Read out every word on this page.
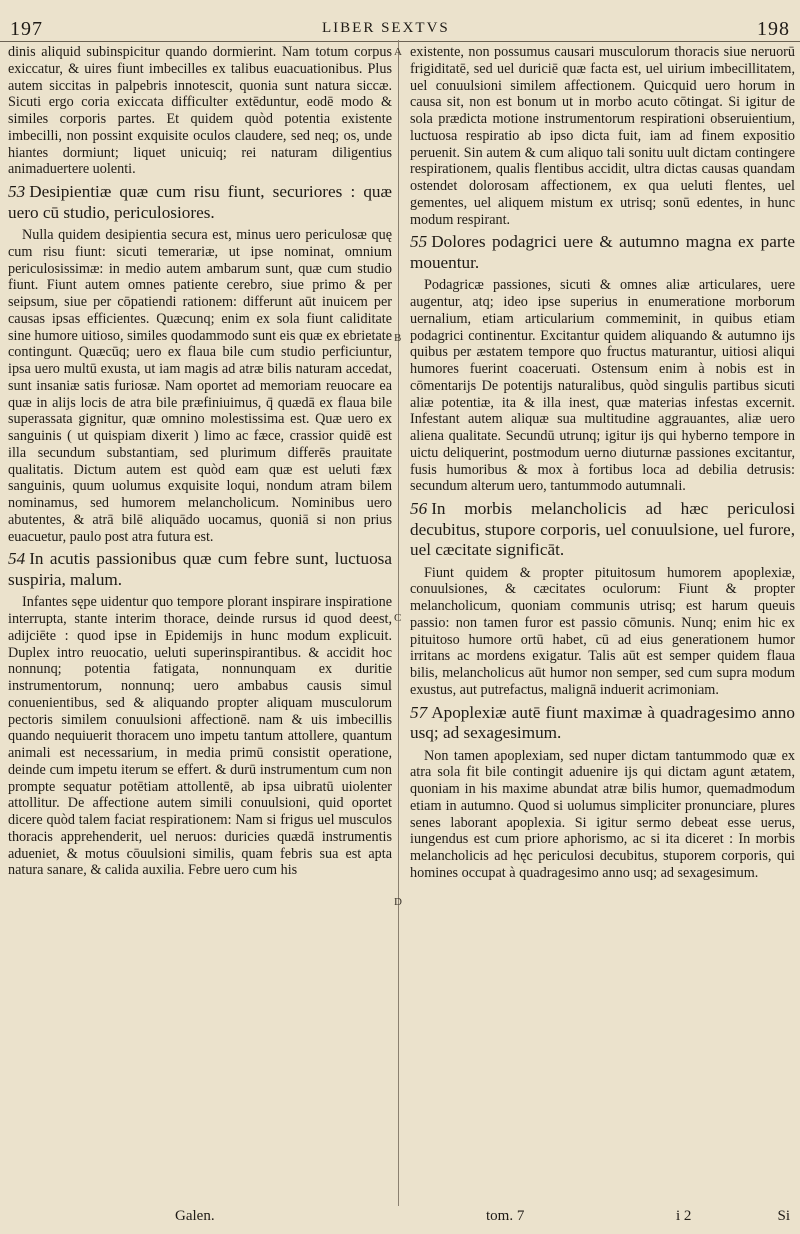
197	LIBER SEXTVS	198
A
B
C
D

dinis aliquid subinspicitur quando dormierint. Nam totum corpus exiccatur, & uires fiunt imbecilles ex talibus euacuationibus. Plus autem siccitas in palpebris innotescit, quonia sunt natura siccæ. Sicuti ergo coria exiccata difficulter extēduntur, eodē modo & similes corporis partes. Et quidem quòd potentia existente imbecilli, non possint exquisite oculos claudere, sed neq; os, unde hiantes dormiunt; liquet unicuiq; rei naturam diligentius animaduertere uolenti.

53 Desipientiæ quæ cum risu fiunt, securiores : quæ uero cū studio, periculosiores.

Nulla quidem desipientia secura est, minus uero periculosæ quę cum risu fiunt: sicuti temerariæ, ut ipse nominat, omnium periculosissimæ: in medio autem ambarum sunt, quæ cum studio fiunt. Fiunt autem omnes patiente cerebro, siue primo & per seipsum, siue per cōpatiendi rationem: differunt aūt inuicem per causas ipsas efficientes. Quæcunq; enim ex sola fiunt caliditate sine humore uitioso, similes quodammodo sunt eis quæ ex ebrietate contingunt. Quæcūq; uero ex flaua bile cum studio perficiuntur, ipsa uero multū exusta, ut iam magis ad atræ bilis naturam accedat, sunt insaniæ satis furiosæ. Nam oportet ad memoriam reuocare ea quæ in alijs locis de atra bile præfiniuimus, q̄ quædā ex flaua bile superassata gignitur, quæ omnino molestissima est. Quæ uero ex sanguinis ( ut quispiam dixerit ) limo ac fæce, crassior quidē est illa secundum substantiam, sed plurimum differēs prauitate qualitatis. Dictum autem est quòd eam quæ est ueluti fæx sanguinis, quum uolumus exquisite loqui, nondum atram bilem nominamus, sed humorem melancholicum. Nominibus uero abutentes, & atrā bilē aliquādo uocamus, quoniā si non prius euacuetur, paulo post atra futura est.

54 In acutis passionibus quæ cum febre sunt, luctuosa suspiria, malum.

Infantes sępe uidentur quo tempore plorant inspirare inspiratione interrupta, stante interim thorace, deinde rursus id quod deest, adijciēte : quod ipse in Epidemijs in hunc modum explicuit. Duplex intro reuocatio, ueluti superinspirantibus. & accidit hoc nonnunq; potentia fatigata, nonnunquam ex duritie instrumentorum, nonnunq; uero ambabus causis simul conuenientibus, sed & aliquando propter aliquam musculorum pectoris similem conuulsioni affectionē. nam & uis imbecillis quando nequiuerit thoracem uno impetu tantum attollere, quantum animali est necessarium, in media primū consistit operatione, deinde cum impetu iterum se effert. & durū instrumentum cum non prompte sequatur potētiam attollentē, ab ipsa uibratū uiolenter attollitur. De affectione autem simili conuulsioni, quid oportet dicere quòd talem faciat respirationem: Nam si frigus uel musculos thoracis apprehenderit, uel neruos: duricies quædā instrumentis adueniet, & motus cōuulsioni similis, quam febris sua est apta natura sanare, & calida auxilia. Febre uero cum his

existente, non possumus causari musculorum thoracis siue neruorū frigiditatē, sed uel duriciē quæ facta est, uel uirium imbecillitatem, uel conuulsioni similem affectionem. Quicquid uero horum in causa sit, non est bonum ut in morbo acuto cōtingat. Si igitur de sola prædicta motione instrumentorum respirationi obseruientium, luctuosa respiratio ab ipso dicta fuit, iam ad finem expositio peruenit. Sin autem & cum aliquo tali sonitu uult dictam contingere respirationem, qualis flentibus accidit, ultra dictas causas quandam ostendet dolorosam affectionem, ex qua ueluti flentes, uel gementes, uel aliquem mistum ex utrisq; sonū edentes, in hunc modum respirant.

55 Dolores podagrici uere & autumno magna ex parte mouentur.

Podagricæ passiones, sicuti & omnes aliæ articulares, uere augentur, atq; ideo ipse superius in enumeratione morborum uernalium, etiam articularium commeminit, in quibus etiam podagrici continentur. Excitantur quidem aliquando & autumno ijs quibus per æstatem tempore quo fructus maturantur, uitiosi aliqui humores fuerint coaceruati. Ostensum enim à nobis est in cōmentarijs De potentijs naturalibus, quòd singulis partibus sicuti aliæ potentiæ, ita & illa inest, quæ materias infestas excernit. Infestant autem aliquæ sua multitudine aggrauantes, aliæ uero aliena qualitate. Secundū utrunq; igitur ijs qui hyberno tempore in uictu deliquerint, postmodum uerno diuturnæ passiones excitantur, fusis humoribus & mox à fortibus loca ad debilia detrusis: secundum alterum uero, tantummodo autumnali.

56 In morbis melancholicis ad hæc periculosi decubitus, stupore corporis, uel conuulsione, uel furore, uel cæcitate significāt.

Fiunt quidem & propter pituitosum humorem apoplexiæ, conuulsiones, & cæcitates oculorum: Fiunt & propter melancholicum, quoniam communis utrisq; est harum queuis passio: non tamen furor est passio cōmunis. Nunq; enim hic ex pituitoso humore ortū habet, cū ad eius generationem humor irritans ac mordens exigatur. Talis aūt est semper quidem flaua bilis, melancholicus aūt humor non semper, sed cum supra modum exustus, aut putrefactus, malignā induerit acrimoniam.

57 Apoplexiæ autē fiunt maximæ à quadragesimo anno usq; ad sexagesimum.

Non tamen apoplexiam, sed nuper dictam tantummodo quæ ex atra sola fit bile contingit aduenire ijs qui dictam agunt ætatem, quoniam in his maxime abundat atræ bilis humor, quemadmodum etiam in autumno. Quod si uolumus simpliciter pronunciare, plures senes laborant apoplexia. Si igitur sermo debeat esse uerus, iungendus est cum priore aphorismo, ac si ita diceret : In morbis melancholicis ad hęc periculosi decubitus, stuporem corporis, qui homines occupat à quadragesimo anno usq; ad sexagesimum.

Galen.	tom. 7	i 2	Si
